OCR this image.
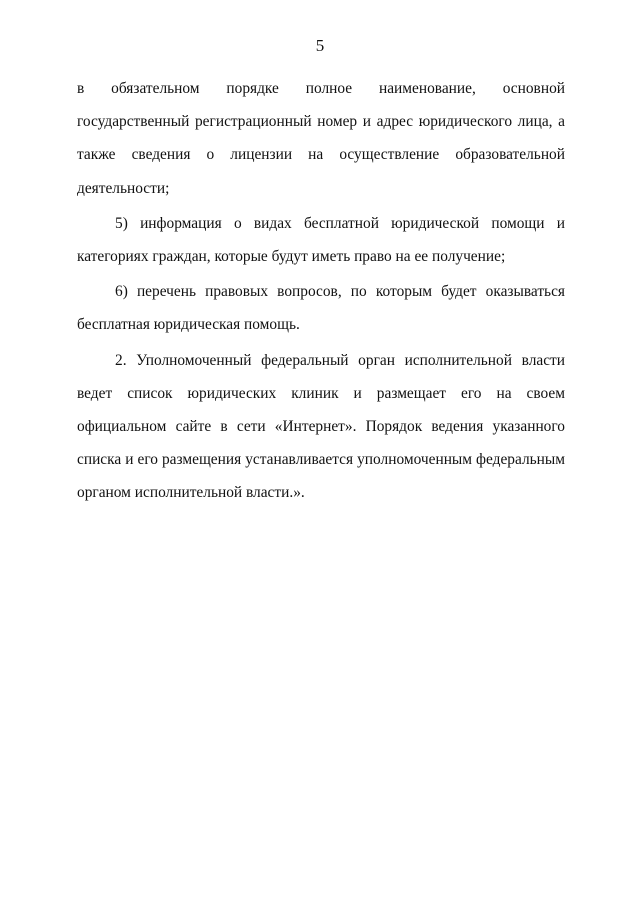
5

в обязательном порядке полное наименование, основной государственный регистрационный номер и адрес юридического лица, а также сведения о лицензии на осуществление образовательной деятельности;

5) информация о видах бесплатной юридической помощи и категориях граждан, которые будут иметь право на ее получение;

6) перечень правовых вопросов, по которым будет оказываться бесплатная юридическая помощь.

2. Уполномоченный федеральный орган исполнительной власти ведет список юридических клиник и размещает его на своем официальном сайте в сети «Интернет». Порядок ведения указанного списка и его размещения устанавливается уполномоченным федеральным органом исполнительной власти.».
